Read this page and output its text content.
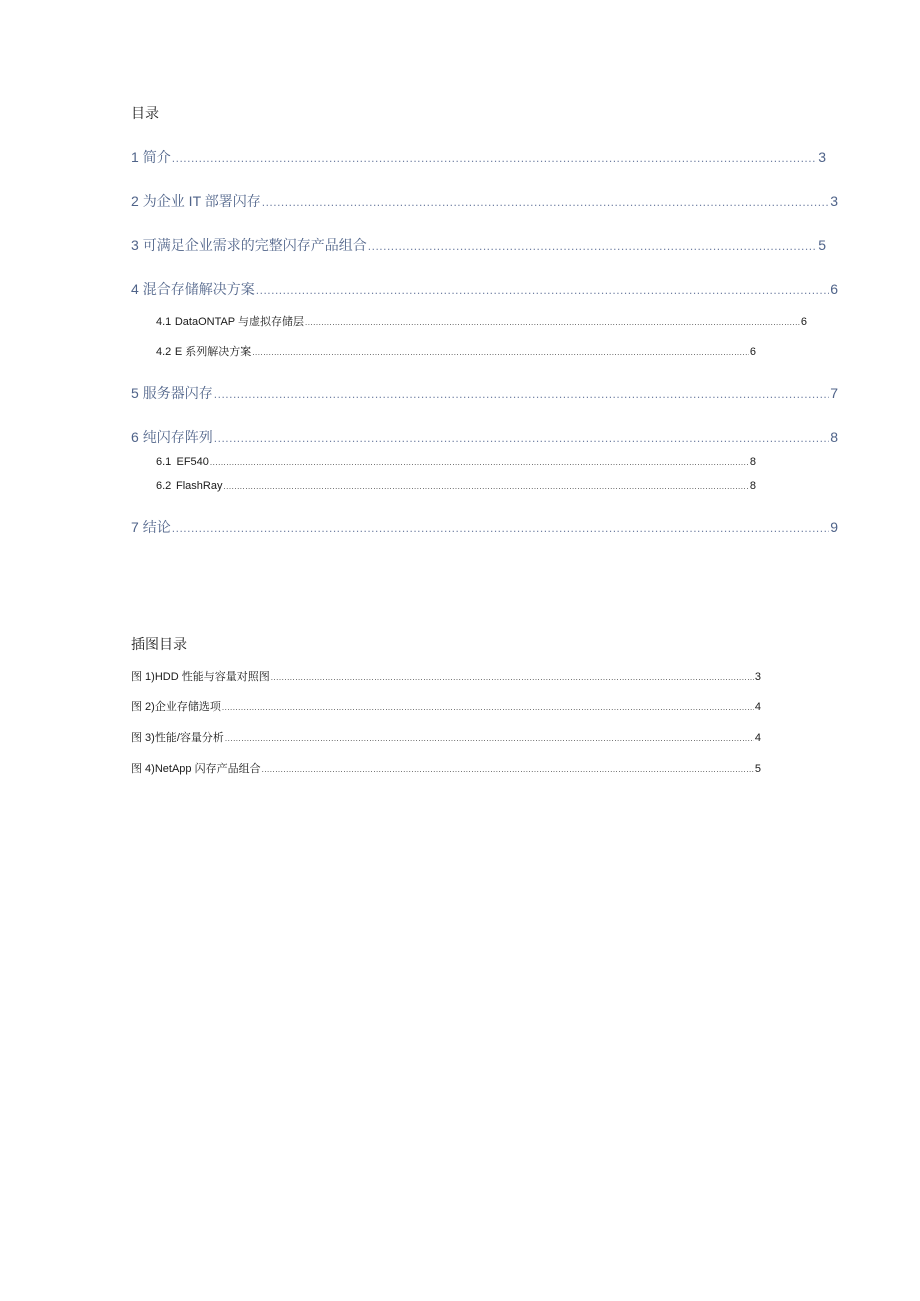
目录
1 简介 .....	3
2 为企业 IT 部署闪存 .....	3
3 可满足企业需求的完整闪存产品组合 .....	5
4 混合存储解决方案 .....	6
4.1 DataONTAP 与虚拟存储层 .....	6
4.2 E 系列解决方案 .....	6
5 服务器闪存 .....	7
6 纯闪存阵列 .....	8
6.1 EF540 .....	8
6.2 FlashRay .....	8
7 结论 .....	9
插图目录
图 1)HDD 性能与容量对照图 .....	3
图 2)企业存储选项 .....	4
图 3)性能/容量分析 .....	4
图 4)NetApp 闪存产品组合 .....	5
